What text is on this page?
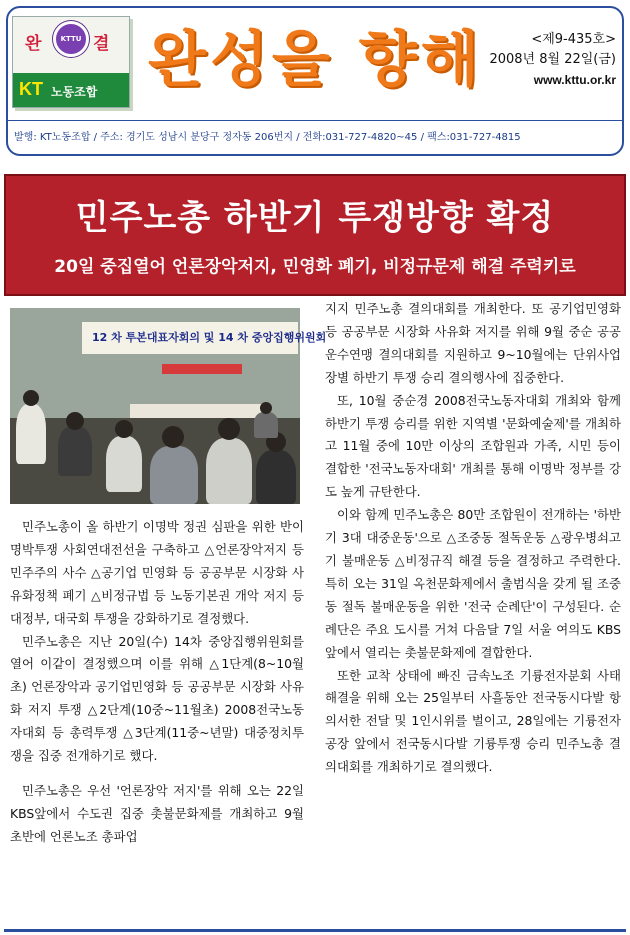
완	KTTU 결
KT 노동조합 완성을 향해	<제9-435호>
2008년 8월 22일(금)
www.kttu.or.kr
발행: KT노동조합 / 주소: 경기도 성남시 분당구 정자동 206번지 / 전화:031-727-4820~45 / 팩스:031-727-4815
민주노총 하반기 투쟁방향 확정
20일 중집열어 언론장악저지, 민영화 폐기, 비정규문제 해결 주력키로
12 차 투본대표자회의 및 14 차 중앙집행위원회

민주노총이 올 하반기 이명박 정권 심판을 위한 반이명박투쟁 사회연대전선을 구축하고 △언론장악저지 등 민주주의 사수 △공기업 민영화 등 공공부문 시장화 사유화정책 폐기 △비정규법 등 노동기본권 개악 저지 등 대정부, 대국회 투쟁을 강화하기로 결정했다.

민주노총은 지난 20일(수) 14차 중앙집행위원회를 열어 이같이 결정했으며 이를 위해 △1단계(8~10월초) 언론장악과 공기업민영화 등 공공부문 시장화 사유화 저지 투쟁 △2단계(10중~11월초) 2008전국노동자대회 등 총력투쟁 △3단계(11중~년말) 대중정치투쟁을 집중 전개하기로 했다.

민주노총은 우선 '언론장악 저지'를 위해 오는 22일 KBS앞에서 수도권 집중 촛불문화제를 개최하고 9월 초반에 언론노조 총파업

지지 민주노총 결의대회를 개최한다. 또 공기업민영화 등 공공부문 시장화 사유화 저지를 위해 9월 중순 공공운수연맹 결의대회를 지원하고 9~10월에는 단위사업장별 하반기 투쟁 승리 결의행사에 집중한다.

또, 10월 중순경 2008전국노동자대회 개최와 함께 하반기 투쟁 승리를 위한 지역별 '문화예술제'를 개최하고 11월 중에 10만 이상의 조합원과 가족, 시민 등이 결합한 '전국노동자대회' 개최를 통해 이명박 정부를 강도 높게 규탄한다.

이와 함께 민주노총은 80만 조합원이 전개하는 '하반기 3대 대중운동'으로 △조중동 절독운동 △광우병쇠고기 불매운동 △비정규직 해결 등을 결정하고 주력한다. 특히 오는 31일 옥천문화제에서 출범식을 갖게 될 조중동 절독 불매운동을 위한 '전국 순례단'이 구성된다. 순례단은 주요 도시를 거쳐 다음달 7일 서울 여의도 KBS앞에서 열리는 촛불문화제에 결합한다.

또한 교착 상태에 빠진 금속노조 기륭전자분회 사태 해결을 위해 오는 25일부터 사흘동안 전국동시다발 항의서한 전달 및 1인시위를 벌이고, 28일에는 기륭전자 공장 앞에서 전국동시다발 기륭투쟁 승리 민주노총 결의대회를 개최하기로 결의했다.
